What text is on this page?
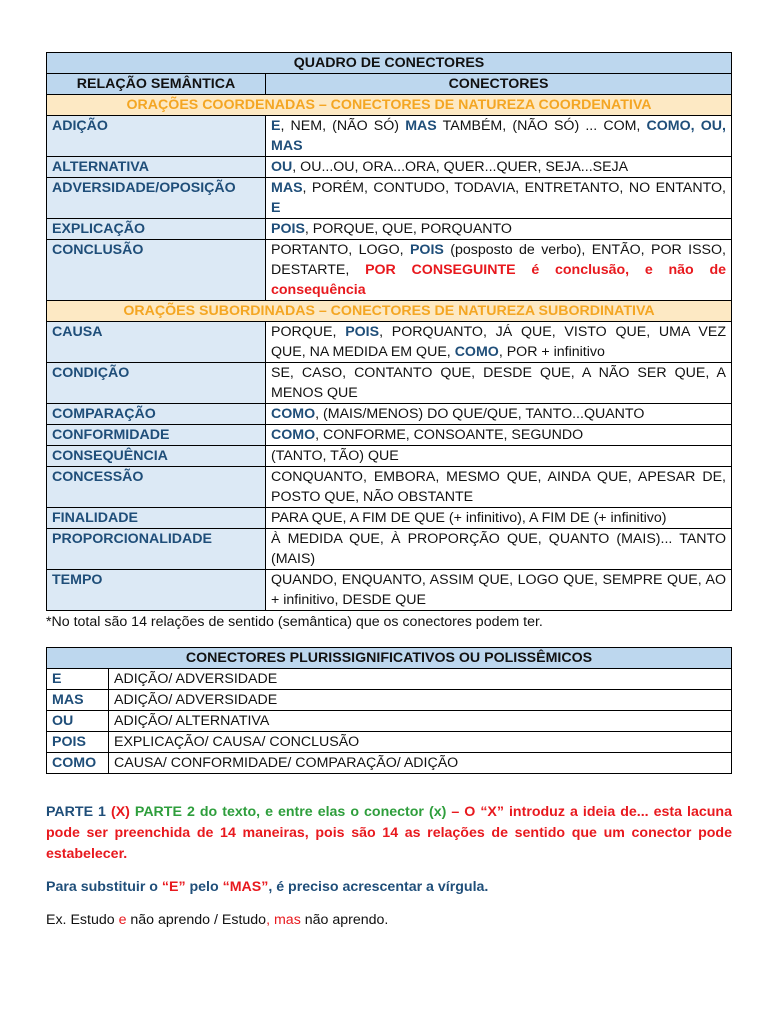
QUADRO DE CONECTORES	
RELAÇÃO SEMÂNTICA	CONECTORES
ORAÇÕES COORDENADAS – CONECTORES DE NATUREZA COORDENATIVA	
ADIÇÃO	E, NEM, (NÃO SÓ) MAS TAMBÉM, (NÃO SÓ) ... COM, COMO, OU, MAS
ALTERNATIVA	OU, OU...OU, ORA...ORA, QUER...QUER, SEJA...SEJA
ADVERSIDADE/OPOSIÇÃO	MAS, PORÉM, CONTUDO, TODAVIA, ENTRETANTO, NO ENTANTO, E
EXPLICAÇÃO	POIS, PORQUE, QUE, PORQUANTO
CONCLUSÃO	PORTANTO, LOGO, POIS (posposto de verbo), ENTÃO, POR ISSO, DESTARTE, POR CONSEGUINTE é conclusão, e não de consequência
ORAÇÕES SUBORDINADAS – CONECTORES DE NATUREZA SUBORDINATIVA	
CAUSA	PORQUE, POIS, PORQUANTO, JÁ QUE, VISTO QUE, UMA VEZ QUE, NA MEDIDA EM QUE, COMO, POR + infinitivo
CONDIÇÃO	SE, CASO, CONTANTO QUE, DESDE QUE, A NÃO SER QUE, A MENOS QUE
COMPARAÇÃO	COMO, (MAIS/MENOS) DO QUE/QUE, TANTO...QUANTO
CONFORMIDADE	COMO, CONFORME, CONSOANTE, SEGUNDO
CONSEQUÊNCIA	(TANTO, TÃO) QUE
CONCESSÃO	CONQUANTO, EMBORA, MESMO QUE, AINDA QUE, APESAR DE, POSTO QUE, NÃO OBSTANTE
FINALIDADE	PARA QUE, A FIM DE QUE (+ infinitivo), A FIM DE (+ infinitivo)
PROPORCIONALIDADE	À MEDIDA QUE, À PROPORÇÃO QUE, QUANTO (MAIS)... TANTO (MAIS)
TEMPO	QUANDO, ENQUANTO, ASSIM QUE, LOGO QUE, SEMPRE QUE, AO + infinitivo, DESDE QUE

*No total são 14 relações de sentido (semântica) que os conectores podem ter.

CONECTORES PLURISSIGNIFICATIVOS OU POLISSÊMICOS	
E	ADIÇÃO/ ADVERSIDADE
MAS	ADIÇÃO/ ADVERSIDADE
OU	ADIÇÃO/ ALTERNATIVA
POIS	EXPLICAÇÃO/ CAUSA/ CONCLUSÃO
COMO	CAUSA/ CONFORMIDADE/ COMPARAÇÃO/ ADIÇÃO

PARTE 1 (X) PARTE 2 do texto, e entre elas o conector (x) – O “X” introduz a ideia de... esta lacuna pode ser preenchida de 14 maneiras, pois são 14 as relações de sentido que um conector pode estabelecer.

Para substituir o “E” pelo “MAS”, é preciso acrescentar a vírgula.

Ex. Estudo e não aprendo / Estudo, mas não aprendo.
